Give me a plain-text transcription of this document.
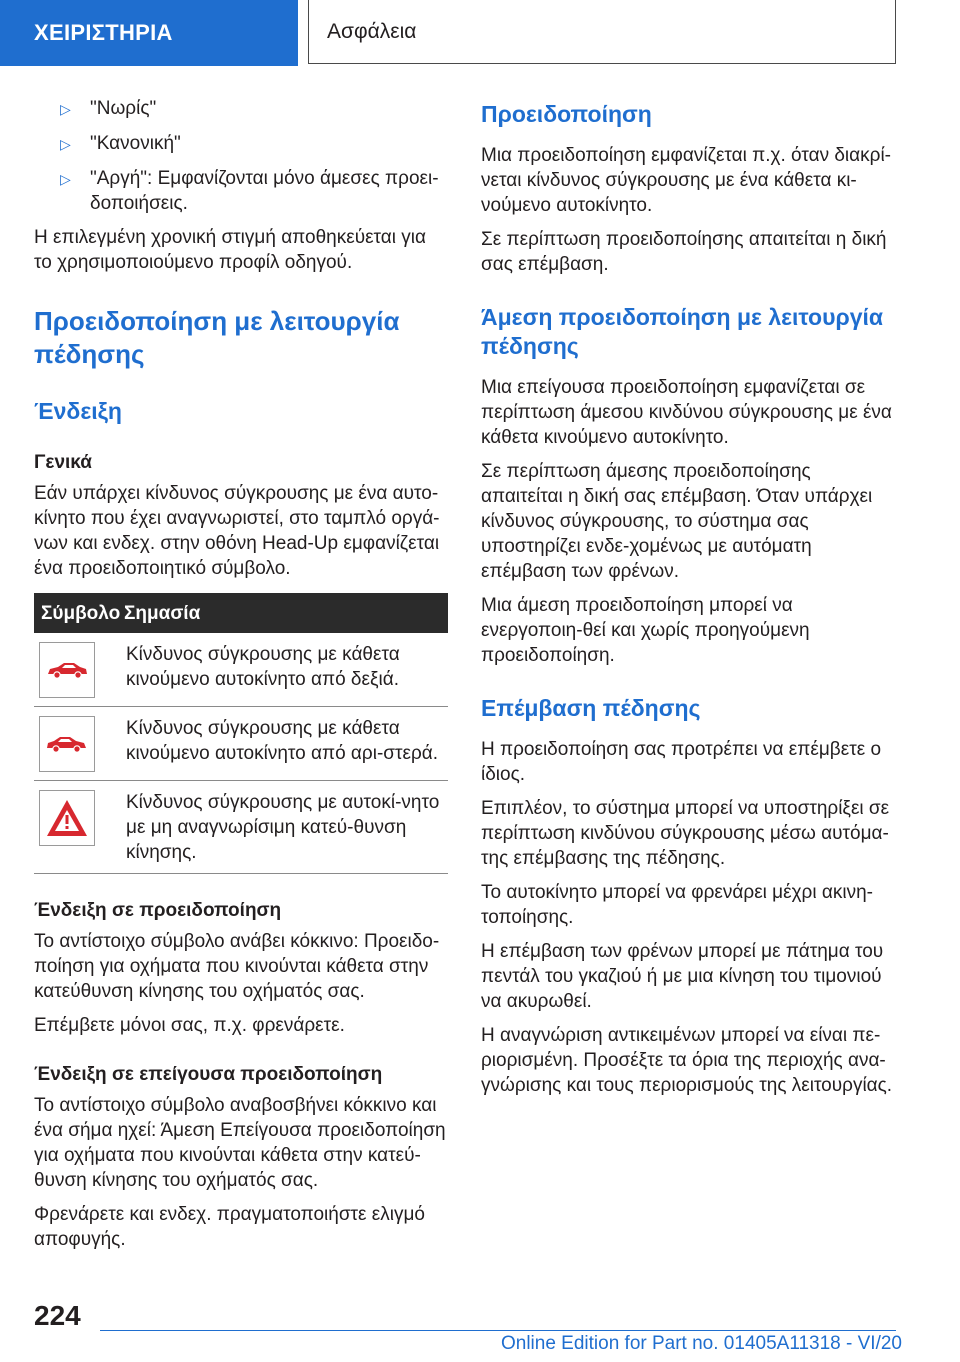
ΧΕΙΡΙΣΤΗΡΙΑ	Ασφάλεια
▷	"Νωρίς"
▷	"Κανονική"
▷	"Αργή": Εμφανίζονται μόνο άμεσες προει-δοποιήσεις.

Η επιλεγμένη χρονική στιγμή αποθηκεύεται για το χρησιμοποιούμενο προφίλ οδηγού.

Προειδοποίηση με λειτουργία πέδησης
Ένδειξη
Γενικά

Εάν υπάρχει κίνδυνος σύγκρουσης με ένα αυτο-κίνητο που έχει αναγνωριστεί, στο ταμπλό οργά-νων και ενδεχ. στην οθόνη Head-Up εμφανίζεται ένα προειδοποιητικό σύμβολο.

Σύμβολο Σημασία
Κίνδυνος σύγκρουσης με κάθετα κινούμενο αυτοκίνητο από δεξιά.
Κίνδυνος σύγκρουσης με κάθετα κινούμενο αυτοκίνητο από αρι-στερά.
Κίνδυνος σύγκρουσης με αυτοκί-νητο με μη αναγνωρίσιμη κατεύ-θυνση κίνησης.
Ένδειξη σε προειδοποίηση

Το αντίστοιχο σύμβολο ανάβει κόκκινο: Προειδο-ποίηση για οχήματα που κινούνται κάθετα στην κατεύθυνση κίνησης του οχήματός σας.

Επέμβετε μόνοι σας, π.χ. φρενάρετε.

Ένδειξη σε επείγουσα προειδοποίηση

Το αντίστοιχο σύμβολο αναβοσβήνει κόκκινο και ένα σήμα ηχεί: Άμεση Επείγουσα προειδοποίηση για οχήματα που κινούνται κάθετα στην κατεύ-θυνση κίνησης του οχήματός σας.

Φρενάρετε και ενδεχ. πραγματοποιήστε ελιγμό αποφυγής.

Προειδοποίηση

Μια προειδοποίηση εμφανίζεται π.χ. όταν διακρί-νεται κίνδυνος σύγκρουσης με ένα κάθετα κι-νούμενο αυτοκίνητο.

Σε περίπτωση προειδοποίησης απαιτείται η δική σας επέμβαση.

Άμεση προειδοποίηση με λειτουργία πέδησης

Μια επείγουσα προειδοποίηση εμφανίζεται σε περίπτωση άμεσου κινδύνου σύγκρουσης με ένα κάθετα κινούμενο αυτοκίνητο.

Σε περίπτωση άμεσης προειδοποίησης απαιτείται η δική σας επέμβαση. Όταν υπάρχει κίνδυνος σύγκρουσης, το σύστημα σας υποστηρίζει ενδε-χομένως με αυτόματη επέμβαση των φρένων.

Μια άμεση προειδοποίηση μπορεί να ενεργοποιη-θεί και χωρίς προηγούμενη προειδοποίηση.

Επέμβαση πέδησης

Η προειδοποίηση σας προτρέπει να επέμβετε ο ίδιος.

Επιπλέον, το σύστημα μπορεί να υποστηρίξει σε περίπτωση κινδύνου σύγκρουσης μέσω αυτόμα-της επέμβασης της πέδησης.

Το αυτοκίνητο μπορεί να φρενάρει μέχρι ακινη-τοποίησης.

Η επέμβαση των φρένων μπορεί με πάτημα του πεντάλ του γκαζιού ή με μια κίνηση του τιμονιού να ακυρωθεί.

Η αναγνώριση αντικειμένων μπορεί να είναι πε-ριορισμένη. Προσέξτε τα όρια της περιοχής ανα-γνώρισης και τους περιορισμούς της λειτουργίας.

224
Online Edition for Part no. 01405A11318 - VI/20
